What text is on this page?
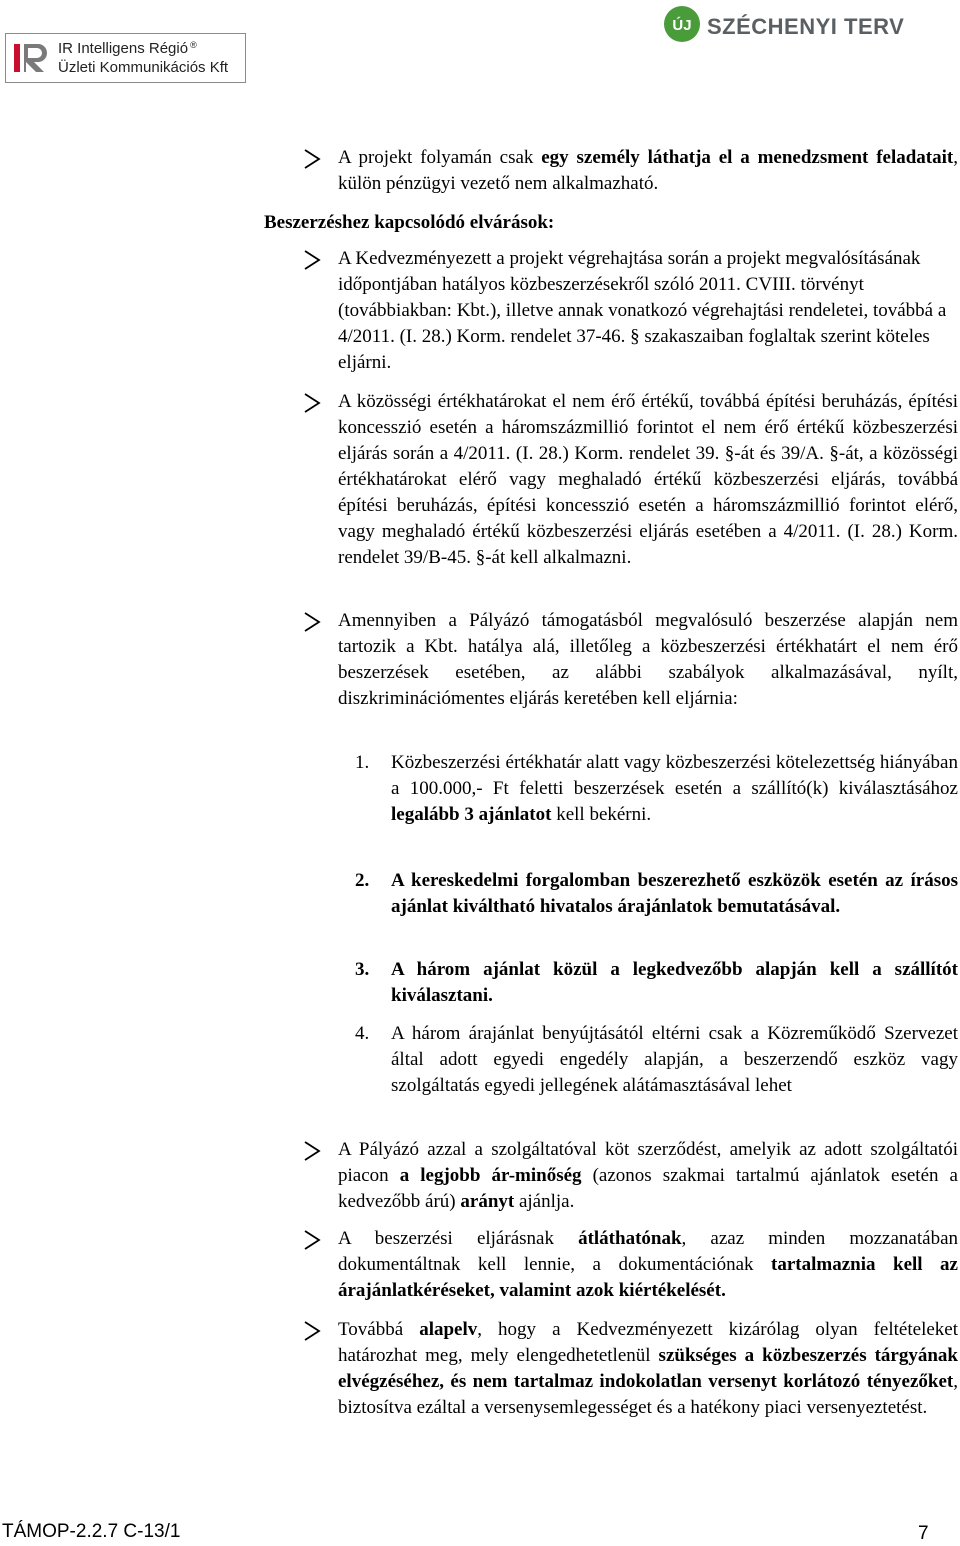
IR Intelligens Régió ®
Üzleti Kommunikációs Kft
ÚJ SZÉCHENYI TERV
A projekt folyamán csak egy személy láthatja el a menedzsment feladatait, külön pénzügyi vezető nem alkalmazható.
Beszerzéshez kapcsolódó elvárások:
A Kedvezményezett a projekt végrehajtása során a projekt megvalósításának időpontjában hatályos közbeszerzésekről szóló 2011. CVIII. törvényt (továbbiakban: Kbt.), illetve annak vonatkozó végrehajtási rendeletei, továbbá a 4/2011. (I. 28.) Korm. rendelet 37-46. § szakaszaiban foglaltak szerint köteles eljárni.
A közösségi értékhatárokat el nem érő értékű, továbbá építési beruházás, építési koncesszió esetén a háromszázmillió forintot el nem érő értékű közbeszerzési eljárás során a 4/2011. (I. 28.) Korm. rendelet 39. §-át és 39/A. §-át, a közösségi értékhatárokat elérő vagy meghaladó értékű közbeszerzési eljárás, továbbá építési beruházás, építési koncesszió esetén a háromszázmillió forintot elérő, vagy meghaladó értékű közbeszerzési eljárás esetében a 4/2011. (I. 28.) Korm. rendelet 39/B-45. §-át kell alkalmazni.
Amennyiben a Pályázó támogatásból megvalósuló beszerzése alapján nem tartozik a Kbt. hatálya alá, illetőleg a közbeszerzési értékhatárt el nem érő beszerzések esetében, az alábbi szabályok alkalmazásával, nyílt, diszkriminációmentes eljárás keretében kell eljárnia:
1. Közbeszerzési értékhatár alatt vagy közbeszerzési kötelezettség hiányában a 100.000,- Ft feletti beszerzések esetén a szállító(k) kiválasztásához legalább 3 ajánlatot kell bekérni.
2. A kereskedelmi forgalomban beszerezhető eszközök esetén az írásos ajánlat kiváltható hivatalos árajánlatok bemutatásával.
3. A három ajánlat közül a legkedvezőbb alapján kell a szállítót kiválasztani.
4. A három árajánlat benyújtásától eltérni csak a Közreműködő Szervezet által adott egyedi engedély alapján, a beszerzendő eszköz vagy szolgáltatás egyedi jellegének alátámasztásával lehet
A Pályázó azzal a szolgáltatóval köt szerződést, amelyik az adott szolgáltatói piacon a legjobb ár-minőség (azonos szakmai tartalmú ajánlatok esetén a kedvezőbb árú) arányt ajánlja.
A beszerzési eljárásnak átláthatónak, azaz minden mozzanatában dokumentáltnak kell lennie, a dokumentációnak tartalmaznia kell az árajánlatkéréseket, valamint azok kiértékelését.
Továbbá alapelv, hogy a Kedvezményezett kizárólag olyan feltételeket határozhat meg, mely elengedhetetlenül szükséges a közbeszerzés tárgyának elvégzéséhez, és nem tartalmaz indokolatlan versenyt korlátozó tényezőket, biztosítva ezáltal a versenysemlegességet és a hatékony piaci versenyeztetést.
TÁMOP-2.2.7 C-13/1	7
